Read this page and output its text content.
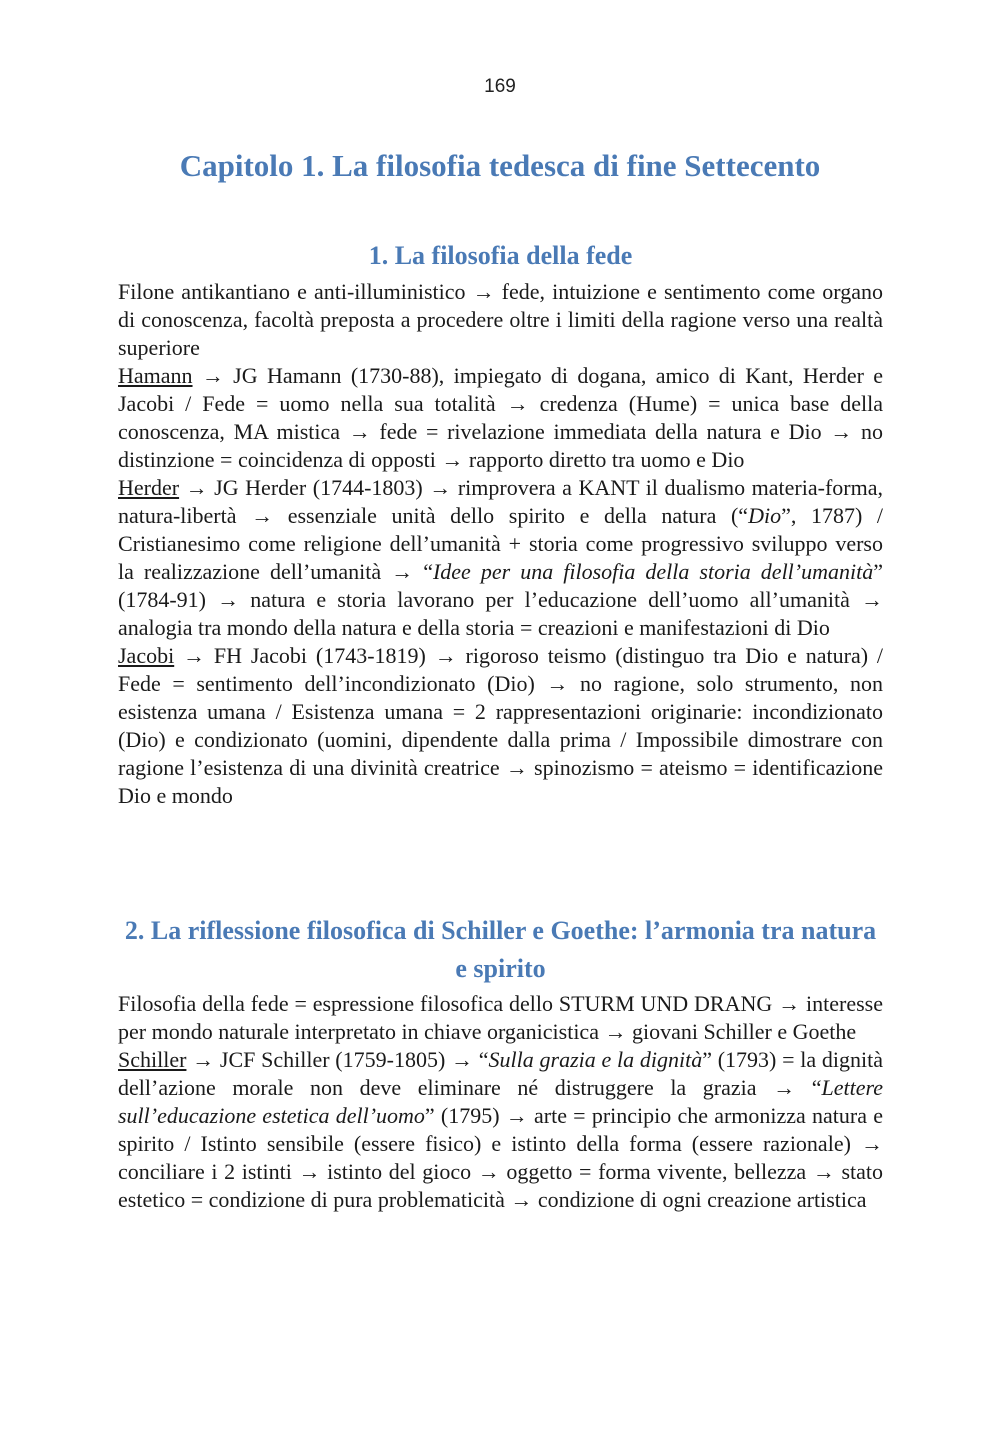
169
Capitolo 1. La filosofia tedesca di fine Settecento
1. La filosofia della fede

Filone antikantiano e anti-illuministico → fede, intuizione e sentimento come organo di conoscenza, facoltà preposta a procedere oltre i limiti della ragione verso una realtà superiore

Hamann → JG Hamann (1730-88), impiegato di dogana, amico di Kant, Herder e Jacobi / Fede = uomo nella sua totalità → credenza (Hume) = unica base della conoscenza, MA mistica → fede = rivelazione immediata della natura e Dio → no distinzione = coincidenza di opposti → rapporto diretto tra uomo e Dio

Herder → JG Herder (1744-1803) → rimprovera a KANT il dualismo materia-forma, natura-libertà → essenziale unità dello spirito e della natura (“Dio”, 1787) / Cristianesimo come religione dell’umanità + storia come progressivo sviluppo verso la realizzazione dell’umanità → “Idee per una filosofia della storia dell’umanità” (1784-91) → natura e storia lavorano per l’educazione dell’uomo all’umanità → analogia tra mondo della natura e della storia = creazioni e manifestazioni di Dio

Jacobi → FH Jacobi (1743-1819) → rigoroso teismo (distinguo tra Dio e natura) / Fede = sentimento dell’incondizionato (Dio) → no ragione, solo strumento, non esistenza umana / Esistenza umana = 2 rappresentazioni originarie: incondizionato (Dio) e condizionato (uomini, dipendente dalla prima / Impossibile dimostrare con ragione l’esistenza di una divinità creatrice → spinozismo = ateismo = identificazione Dio e mondo

2. La riflessione filosofica di Schiller e Goethe: l’armonia tra natura e spirito

Filosofia della fede = espressione filosofica dello STURM UND DRANG → interesse per mondo naturale interpretato in chiave organicistica → giovani Schiller e Goethe

Schiller → JCF Schiller (1759-1805) → “Sulla grazia e la dignità” (1793) = la dignità dell’azione morale non deve eliminare né distruggere la grazia → “Lettere sull’educazione estetica dell’uomo” (1795) → arte = principio che armonizza natura e spirito / Istinto sensibile (essere fisico) e istinto della forma (essere razionale) → conciliare i 2 istinti → istinto del gioco → oggetto = forma vivente, bellezza → stato estetico = condizione di pura problematicità → condizione di ogni creazione artistica
